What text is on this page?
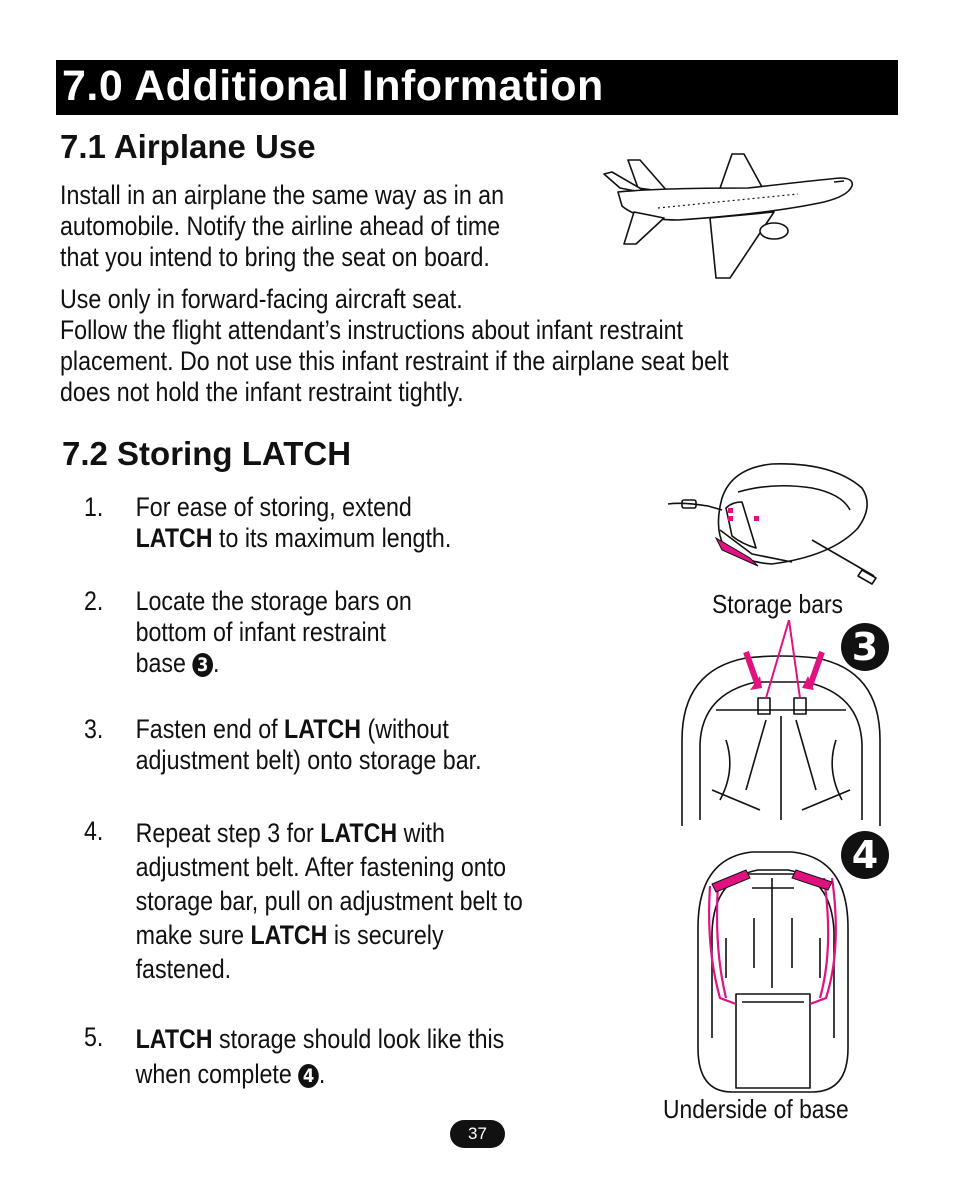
7.0 Additional Information
7.1 Airplane Use
Install in an airplane the same way as in an
automobile. Notify the airline ahead of time
that you intend to bring the seat on board.
Use only in forward-facing aircraft seat.
Follow the flight attendant’s instructions about infant restraint
placement. Do not use this infant restraint if the airplane seat belt
does not hold the infant restraint tightly.
7.2 Storing LATCH
1. For ease of storing, extend
LATCH to its maximum length.
2. Locate the storage bars on
bottom of infant restraint
base 3 .
3. Fasten end of LATCH (without
adjustment belt) onto storage bar.
4. Repeat step 3 for LATCH with
adjustment belt. After fastening onto
storage bar, pull on adjustment belt to
make sure LATCH is securely
fastened.
5. LATCH storage should look like this
when complete 4 .
Storage bars
3
4
Underside of base
37
